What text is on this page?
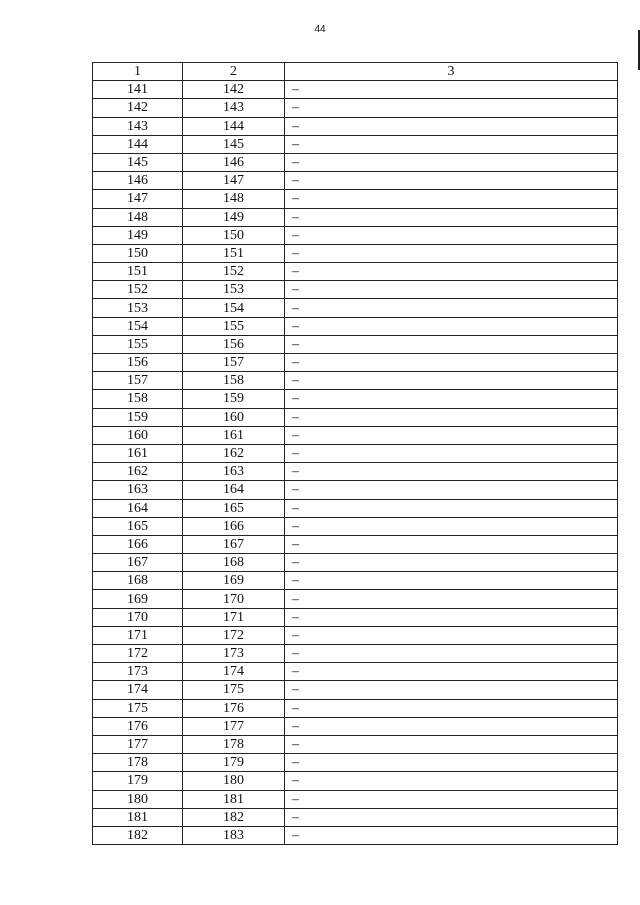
44
1	2	3
141	142	–
142	143	–
143	144	–
144	145	–
145	146	–
146	147	–
147	148	–
148	149	–
149	150	–
150	151	–
151	152	–
152	153	–
153	154	–
154	155	–
155	156	–
156	157	–
157	158	–
158	159	–
159	160	–
160	161	–
161	162	–
162	163	–
163	164	–
164	165	–
165	166	–
166	167	–
167	168	–
168	169	–
169	170	–
170	171	–
171	172	–
172	173	–
173	174	–
174	175	–
175	176	–
176	177	–
177	178	–
178	179	–
179	180	–
180	181	–
181	182	–
182	183	–
